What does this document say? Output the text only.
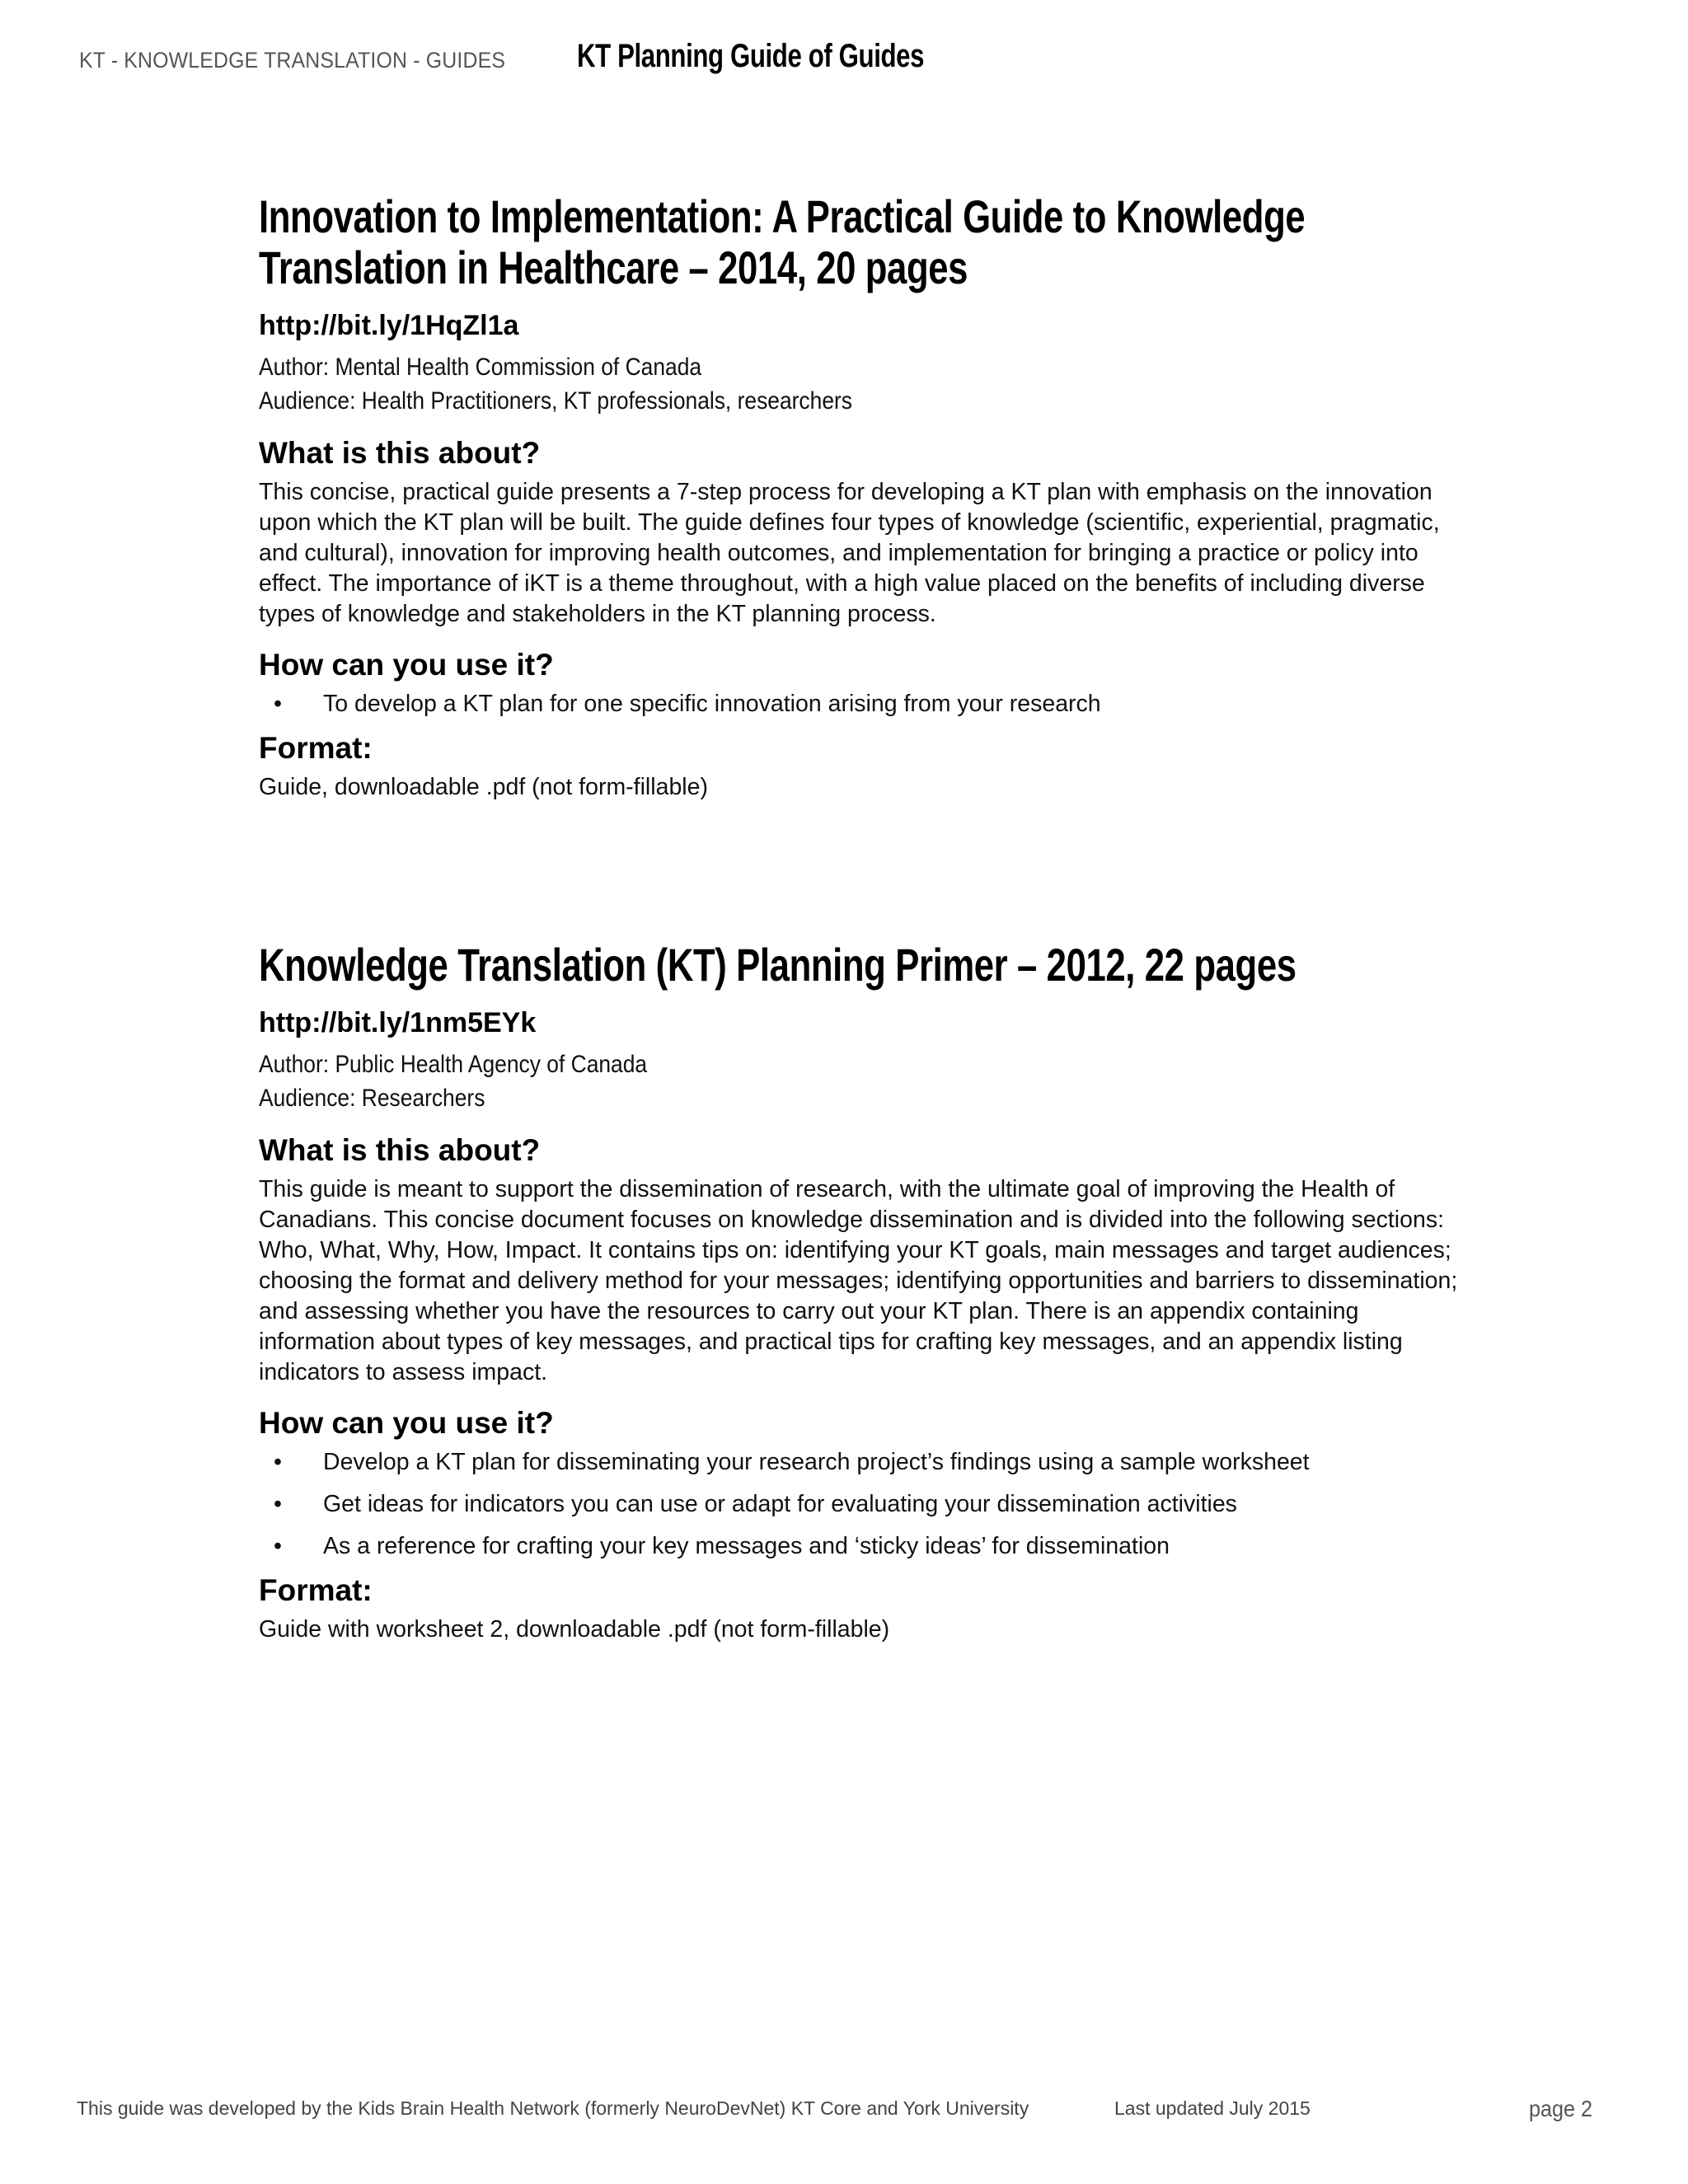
KT - KNOWLEDGE TRANSLATION - GUIDES KT Planning Guide of Guides
Innovation to Implementation: A Practical Guide to Knowledge
Translation in Healthcare – 2014, 20 pages
http://bit.ly/1HqZl1a
Author: Mental Health Commission of Canada
Audience: Health Practitioners, KT professionals, researchers
What is this about?
This concise, practical guide presents a 7-step process for developing a KT plan with emphasis on the innovation upon which the KT plan will be built. The guide defines four types of knowledge (scientific, experiential, pragmatic, and cultural), innovation for improving health outcomes, and implementation for bringing a practice or policy into effect. The importance of iKT is a theme throughout, with a high value placed on the benefits of including diverse types of knowledge and stakeholders in the KT planning process.
How can you use it?
• To develop a KT plan for one specific innovation arising from your research
Format:
Guide, downloadable .pdf (not form-fillable)
Knowledge Translation (KT) Planning Primer – 2012, 22 pages
http://bit.ly/1nm5EYk
Author: Public Health Agency of Canada
Audience: Researchers
What is this about?
This guide is meant to support the dissemination of research, with the ultimate goal of improving the Health of Canadians. This concise document focuses on knowledge dissemination and is divided into the following sections: Who, What, Why, How, Impact. It contains tips on: identifying your KT goals, main messages and target audiences; choosing the format and delivery method for your messages; identifying opportunities and barriers to dissemination; and assessing whether you have the resources to carry out your KT plan. There is an appendix containing information about types of key messages, and practical tips for crafting key messages, and an appendix listing indicators to assess impact.
How can you use it?
• Develop a KT plan for disseminating your research project’s findings using a sample worksheet
• Get ideas for indicators you can use or adapt for evaluating your dissemination activities
• As a reference for crafting your key messages and ‘sticky ideas’ for dissemination
Format:
Guide with worksheet 2, downloadable .pdf (not form-fillable)
This guide was developed by the Kids Brain Health Network (formerly NeuroDevNet) KT Core and York University	Last updated July 2015	page 2
